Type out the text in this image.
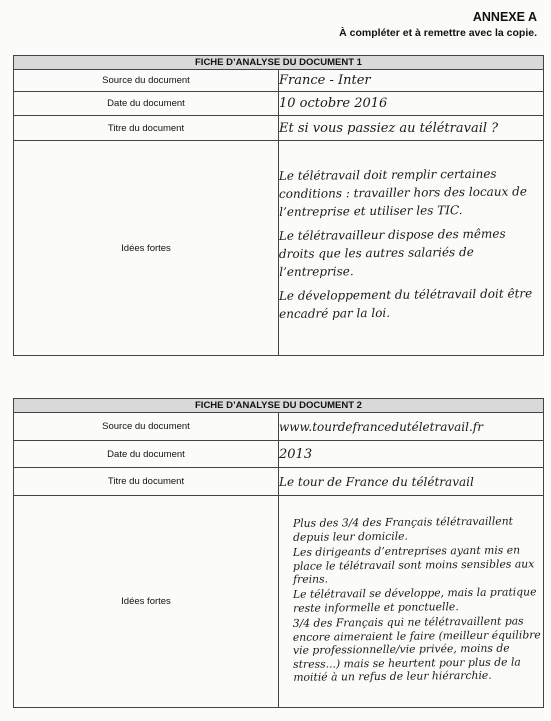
ANNEXE A
À compléter et à remettre avec la copie.
FICHE D’ANALYSE DU DOCUMENT 1	
Source du document	France - Inter
Date du document	10 octobre 2016
Titre du document	Et si vous passiez au télétravail ?
Idées fortes	Le télétravail doit remplir certaines conditions : travailler hors des locaux de l’entreprise et utiliser les TIC.
Le télétravailleur dispose des mêmes droits que les autres salariés de l’entreprise.
Le développement du télétravail doit être encadré par la loi.
FICHE D’ANALYSE DU DOCUMENT 2	
Source du document	www.tourdefrancedutéletravail.fr
Date du document	2013
Titre du document	Le tour de France du télétravail
Idées fortes	Plus des 3/4 des Français télétravaillent depuis leur domicile.
Les dirigeants d’entreprises ayant mis en place le télétravail sont moins sensibles aux freins.
Le télétravail se développe, mais la pratique reste informelle et ponctuelle.
3/4 des Français qui ne télétravaillent pas encore aimeraient le faire (meilleur équilibre vie professionnelle/vie privée, moins de stress...) mais se heurtent pour plus de la moitié à un refus de leur hiérarchie.
